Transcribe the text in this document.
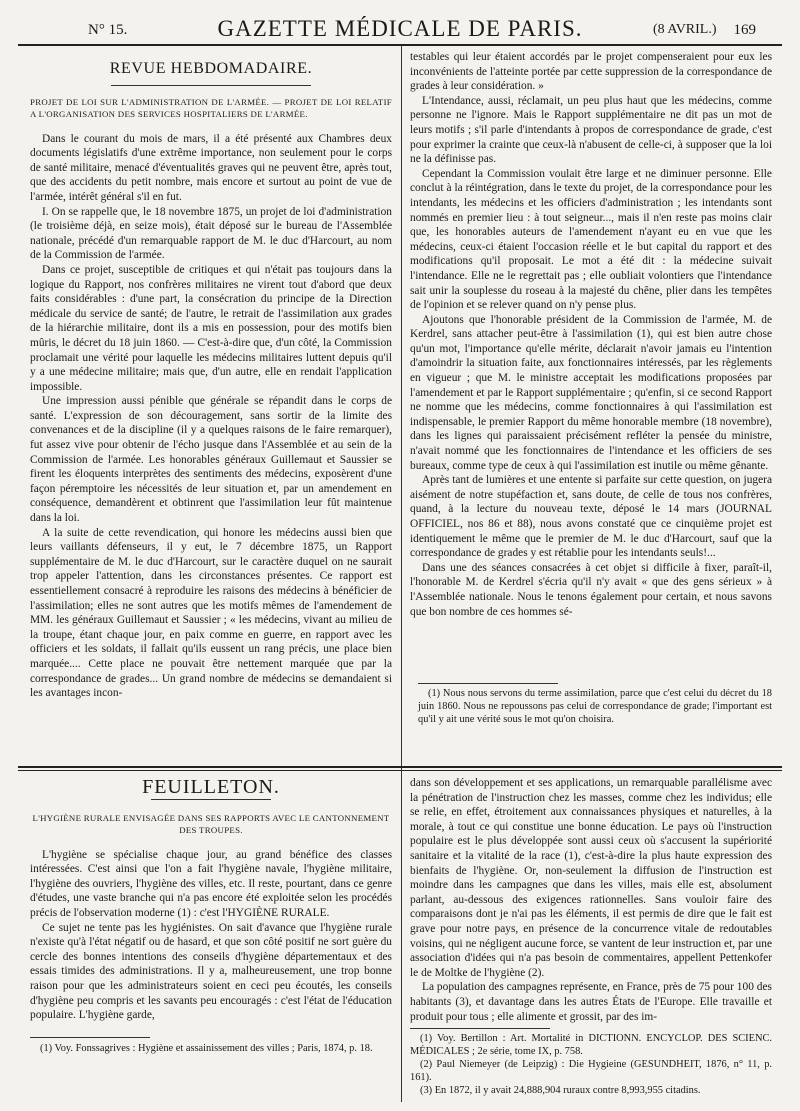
N° 15.	GAZETTE MÉDICALE DE PARIS.	(8 AVRIL.) 169
REVUE HEBDOMADAIRE.
PROJET DE LOI SUR L'ADMINISTRATION DE L'ARMÉE. — PROJET DE LOI RELATIF A L'ORGANISATION DES SERVICES HOSPITALIERS DE L'ARMÉE.

Dans le courant du mois de mars, il a été présenté aux Chambres deux documents législatifs d'une extrême importance, non seulement pour le corps de santé militaire, menacé d'éventualités graves qui ne peuvent être, après tout, que des accidents du petit nombre, mais encore et surtout au point de vue de l'armée, intérêt général s'il en fut.

I. On se rappelle que, le 18 novembre 1875, un projet de loi d'administration (le troisième déjà, en seize mois), était déposé sur le bureau de l'Assemblée nationale, précédé d'un remarquable rapport de M. le duc d'Harcourt, au nom de la Commission de l'armée.

Dans ce projet, susceptible de critiques et qui n'était pas toujours dans la logique du Rapport, nos confrères militaires ne virent tout d'abord que deux faits considérables : d'une part, la consécration du principe de la Direction médicale du service de santé; de l'autre, le retrait de l'assimilation aux grades de la hiérarchie militaire, dont ils a mis en possession, pour des motifs bien mûris, le décret du 18 juin 1860. — C'est-à-dire que, d'un côté, la Commission proclamait une vérité pour laquelle les médecins militaires luttent depuis qu'il y a une médecine militaire; mais que, d'un autre, elle en rendait l'application impossible.

Une impression aussi pénible que générale se répandit dans le corps de santé. L'expression de son découragement, sans sortir de la limite des convenances et de la discipline (il y a quelques raisons de le faire remarquer), fut assez vive pour obtenir de l'écho jusque dans l'Assemblée et au sein de la Commission de l'armée. Les honorables généraux Guillemaut et Saussier se firent les éloquents interprètes des sentiments des médecins, exposèrent d'une façon péremptoire les nécessités de leur situation et, par un amendement en conséquence, demandèrent et obtinrent que l'assimilation leur fût maintenue dans la loi.

A la suite de cette revendication, qui honore les médecins aussi bien que leurs vaillants défenseurs, il y eut, le 7 décembre 1875, un Rapport supplémentaire de M. le duc d'Harcourt, sur le caractère duquel on ne saurait trop appeler l'attention, dans les circonstances présentes. Ce rapport est essentiellement consacré à reproduire les raisons des médecins à bénéficier de l'assimilation; elles ne sont autres que les motifs mêmes de l'amendement de MM. les généraux Guillemaut et Saussier ; « les médecins, vivant au milieu de la troupe, étant chaque jour, en paix comme en guerre, en rapport avec les officiers et les soldats, il fallait qu'ils eussent un rang précis, une place bien marquée.... Cette place ne pouvait être nettement marquée que par la correspondance de grades... Un grand nombre de médecins se demandaient si les avantages incon-

testables qui leur étaient accordés par le projet compenseraient pour eux les inconvénients de l'atteinte portée par cette suppression de la correspondance de grades à leur considération. »

L'Intendance, aussi, réclamait, un peu plus haut que les médecins, comme personne ne l'ignore. Mais le Rapport supplémentaire ne dit pas un mot de leurs motifs ; s'il parle d'intendants à propos de correspondance de grade, c'est pour exprimer la crainte que ceux-là n'abusent de celle-ci, à supposer que la loi ne la définisse pas.

Cependant la Commission voulait être large et ne diminuer personne. Elle conclut à la réintégration, dans le texte du projet, de la correspondance pour les intendants, les médecins et les officiers d'administration ; les intendants sont nommés en premier lieu : à tout seigneur..., mais il n'en reste pas moins clair que, les honorables auteurs de l'amendement n'ayant eu en vue que les médecins, ceux-ci étaient l'occasion réelle et le but capital du rapport et des modifications qu'il proposait. Le mot a été dit : la médecine suivait l'intendance. Elle ne le regrettait pas ; elle oubliait volontiers que l'intendance sait unir la souplesse du roseau à la majesté du chêne, plier dans les tempêtes de l'opinion et se relever quand on n'y pense plus.

Ajoutons que l'honorable président de la Commission de l'armée, M. de Kerdrel, sans attacher peut-être à l'assimilation (1), qui est bien autre chose qu'un mot, l'importance qu'elle mérite, déclarait n'avoir jamais eu l'intention d'amoindrir la situation faite, aux fonctionnaires intéressés, par les règlements en vigueur ; que M. le ministre acceptait les modifications proposées par l'amendement et par le Rapport supplémentaire ; qu'enfin, si ce second Rapport ne nomme que les médecins, comme fonctionnaires à qui l'assimilation est indispensable, le premier Rapport du même honorable membre (18 novembre), dans les lignes qui paraissaient précisément refléter la pensée du ministre, n'avait nommé que les fonctionnaires de l'intendance et les officiers de ses bureaux, comme type de ceux à qui l'assimilation est inutile ou même gênante.

Après tant de lumières et une entente si parfaite sur cette question, on jugera aisément de notre stupéfaction et, sans doute, de celle de tous nos confrères, quand, à la lecture du nouveau texte, déposé le 14 mars (JOURNAL OFFICIEL, nos 86 et 88), nous avons constaté que ce cinquième projet est identiquement le même que le premier de M. le duc d'Harcourt, sauf que la correspondance de grades y est rétablie pour les intendants seuls!...

Dans une des séances consacrées à cet objet si difficile à fixer, paraît-il, l'honorable M. de Kerdrel s'écria qu'il n'y avait « que des gens sérieux » à l'Assemblée nationale. Nous le tenons également pour certain, et nous savons que bon nombre de ces hommes sé-

(1) Nous nous servons du terme assimilation, parce que c'est celui du décret du 18 juin 1860. Nous ne repoussons pas celui de correspondance de grade; l'important est qu'il y ait une vérité sous le mot qu'on choisira.

FEUILLETON.
L'HYGIÈNE RURALE ENVISAGÉE DANS SES RAPPORTS AVEC LE CANTONNEMENT DES TROUPES.

L'hygiène se spécialise chaque jour, au grand bénéfice des classes intéressées. C'est ainsi que l'on a fait l'hygiène navale, l'hygiène militaire, l'hygiène des ouvriers, l'hygiène des villes, etc. Il reste, pourtant, dans ce genre d'études, une vaste branche qui n'a pas encore été exploitée selon les procédés précis de l'observation moderne (1) : c'est l'HYGIÈNE RURALE.

Ce sujet ne tente pas les hygiénistes. On sait d'avance que l'hygiène rurale n'existe qu'à l'état négatif ou de hasard, et que son côté positif ne sort guère du cercle des bonnes intentions des conseils d'hygiène départementaux et des essais timides des administrations. Il y a, malheureusement, une trop bonne raison pour que les administrateurs soient en ceci peu écoutés, les conseils d'hygiène peu compris et les savants peu encouragés : c'est l'état de l'éducation populaire. L'hygiène garde,

(1) Voy. Fonssagrives : Hygiène et assainissement des villes ; Paris, 1874, p. 18.

dans son développement et ses applications, un remarquable parallélisme avec la pénétration de l'instruction chez les masses, comme chez les individus; elle se relie, en effet, étroitement aux connaissances physiques et naturelles, à la morale, à tout ce qui constitue une bonne éducation. Le pays où l'instruction populaire est le plus développée sont aussi ceux où s'accusent la supériorité sanitaire et la vitalité de la race (1), c'est-à-dire la plus haute expression des bienfaits de l'hygiène. Or, non-seulement la diffusion de l'instruction est moindre dans les campagnes que dans les villes, mais elle est, absolument parlant, au-dessous des exigences rationnelles. Sans vouloir faire des comparaisons dont je n'ai pas les éléments, il est permis de dire que le fait est grave pour notre pays, en présence de la concurrence vitale de redoutables voisins, qui ne négligent aucune force, se vantent de leur instruction et, par une association d'idées qui n'a pas besoin de commentaires, appellent Pettenkofer le de Moltke de l'hygiène (2).

La population des campagnes représente, en France, près de 75 pour 100 des habitants (3), et davantage dans les autres États de l'Europe. Elle travaille et produit pour tous ; elle alimente et grossit, par des im-

(1) Voy. Bertillon : Art. Mortalité in DICTIONN. ENCYCLOP. DES SCIENC. MÉDICALES ; 2e série, tome IX, p. 758.

(2) Paul Niemeyer (de Leipzig) : Die Hygieine (GESUNDHEIT, 1876, n° 11, p. 161).

(3) En 1872, il y avait 24,888,904 ruraux contre 8,993,955 citadins.
